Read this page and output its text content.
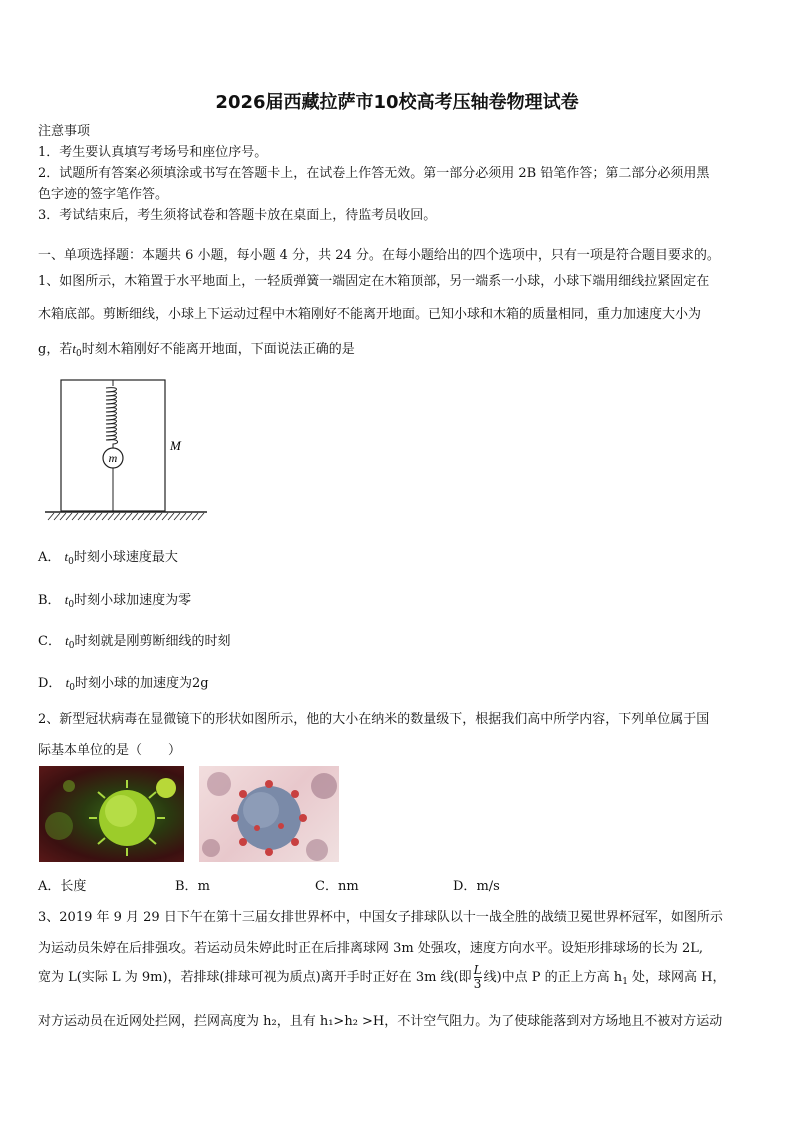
2026届西藏拉萨市10校高考压轴卷物理试卷
注意事项
1．考生要认真填写考场号和座位序号。
2．试题所有答案必须填涂或书写在答题卡上，在试卷上作答无效。第一部分必须用 2B 铅笔作答；第二部分必须用黑
色字迹的签字笔作答。
3．考试结束后，考生须将试卷和答题卡放在桌面上，待监考员收回。
一、单项选择题：本题共 6 小题，每小题 4 分，共 24 分。在每小题给出的四个选项中，只有一项是符合题目要求的。
1、如图所示，木箱置于水平地面上，一轻质弹簧一端固定在木箱顶部，另一端系一小球，小球下端用细线拉紧固定在
木箱底部。剪断细线，小球上下运动过程中木箱刚好不能离开地面。已知小球和木箱的质量相同，重力加速度大小为
g，若$t_0$时刻木箱刚好不能离开地面，下面说法正确的是
m
M
A． $t_0$时刻小球速度最大
B． $t_0$时刻小球加速度为零
C． $t_0$时刻就是刚剪断细线的时刻
D． $t_0$时刻小球的加速度为2g
2、新型冠状病毒在显微镜下的形状如图所示，他的大小在纳米的数量级下，根据我们高中所学内容，下列单位属于国
际基本单位的是（　　）
A．长度	B．m	C．nm	D．m/s
3、2019 年 9 月 29 日下午在第十三届女排世界杯中，中国女子排球队以十一战全胜的战绩卫冕世界杯冠军，如图所示
为运动员朱婷在后排强攻。若运动员朱婷此时正在后排离球网 3m 处强攻，速度方向水平。设矩形排球场的长为 2L,
宽为 L(实际 L 为 9m)，若排球(排球可视为质点)离开手时正好在 3m 线(即 $\frac{L}{3}$ 线)中点 P 的正上方高 $h_1$ 处，球网高 H，
对方运动员在近网处拦网，拦网高度为 h₂，且有 h₁>h₂ >H，不计空气阻力。为了使球能落到对方场地且不被对方运动
